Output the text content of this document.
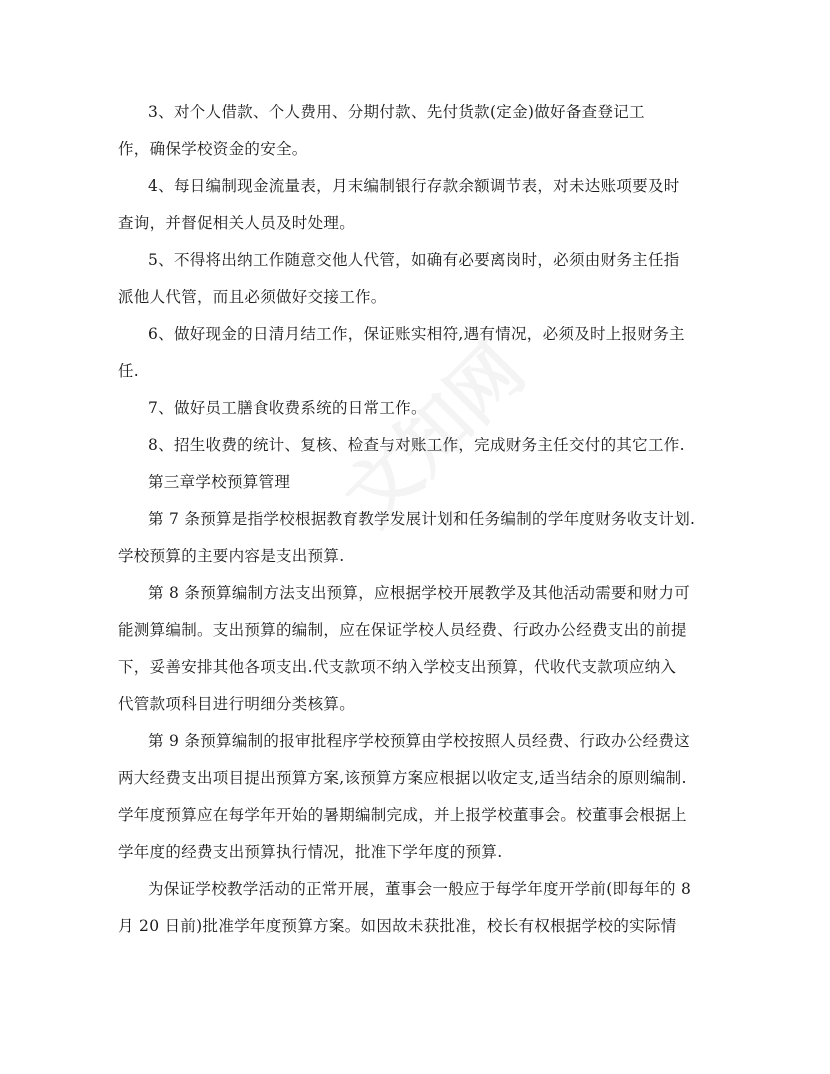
3、对个人借款、个人费用、分期付款、先付货款(定金)做好备查登记工
作，确保学校资金的安全。
4、每日编制现金流量表，月末编制银行存款余额调节表，对未达账项要及时
查询，并督促相关人员及时处理。
5、不得将出纳工作随意交他人代管，如确有必要离岗时，必须由财务主任指
派他人代管，而且必须做好交接工作。
6、做好现金的日清月结工作，保证账实相符,遇有情况，必须及时上报财务主
任.
7、做好员工膳食收费系统的日常工作。
8、招生收费的统计、复核、检查与对账工作，完成财务主任交付的其它工作.
第三章学校预算管理
第 7 条预算是指学校根据教育教学发展计划和任务编制的学年度财务收支计划.
学校预算的主要内容是支出预算.
第 8 条预算编制方法支出预算，应根据学校开展教学及其他活动需要和财力可
能测算编制。支出预算的编制，应在保证学校人员经费、行政办公经费支出的前提
下，妥善安排其他各项支出.代支款项不纳入学校支出预算，代收代支款项应纳入
代管款项科目进行明细分类核算。
第 9 条预算编制的报审批程序学校预算由学校按照人员经费、行政办公经费这
两大经费支出项目提出预算方案,该预算方案应根据以收定支,适当结余的原则编制.
学年度预算应在每学年开始的暑期编制完成，并上报学校董事会。校董事会根据上
学年度的经费支出预算执行情况，批准下学年度的预算.
为保证学校教学活动的正常开展，董事会一般应于每学年度开学前(即每年的 8
月 20 日前)批准学年度预算方案。如因故未获批准，校长有权根据学校的实际情
